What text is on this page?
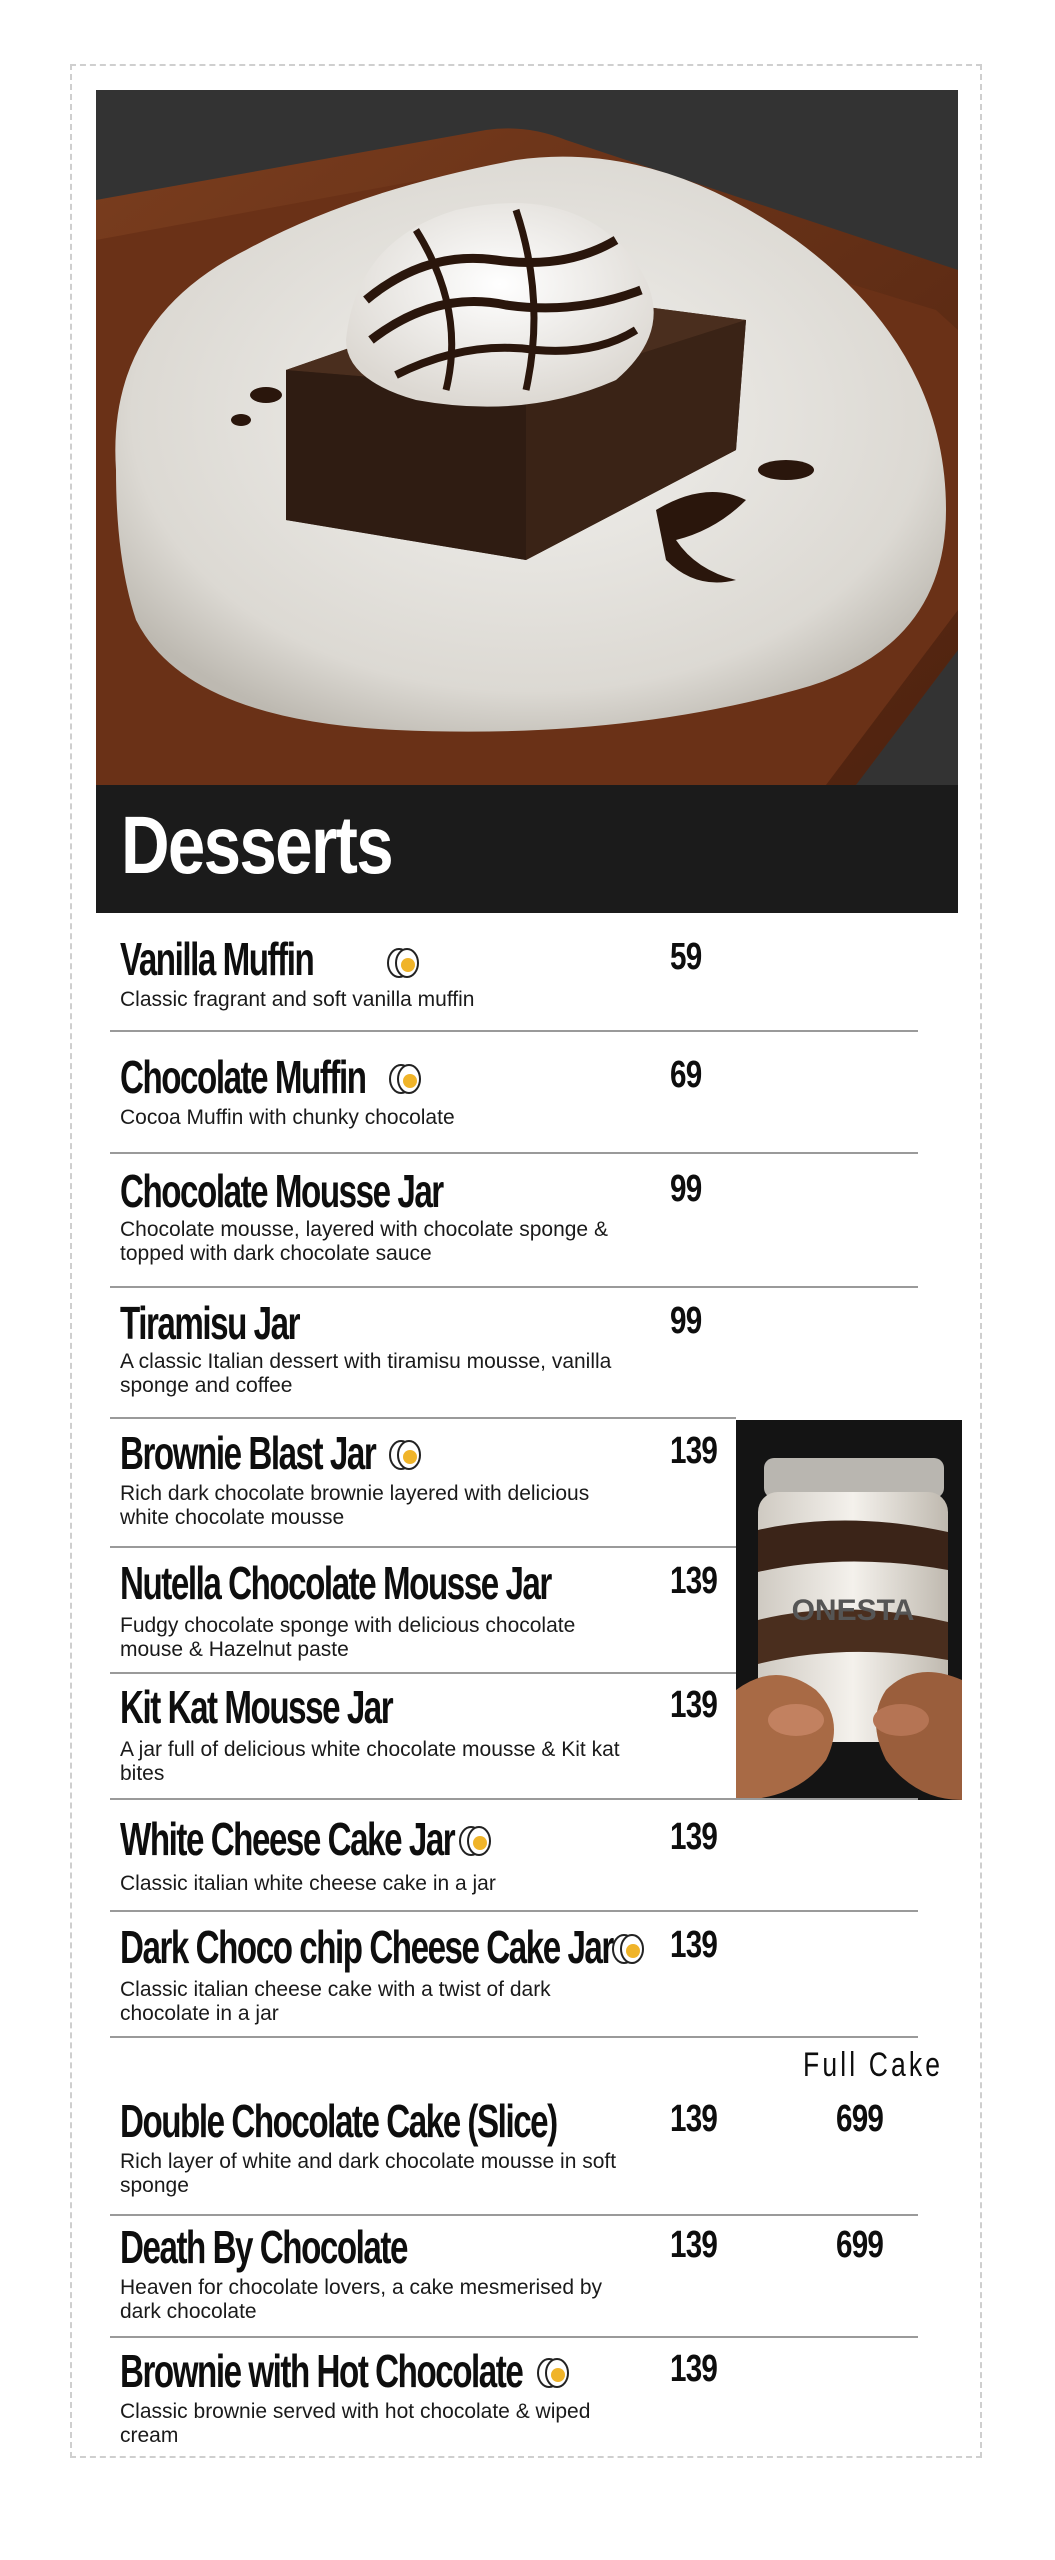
Desserts
ONESTA
Vanilla Muffin
Classic fragrant and soft vanilla muffin
59
Chocolate Muffin
Cocoa Muffin with chunky chocolate
69
Chocolate Mousse Jar
Chocolate mousse, layered with chocolate sponge & topped with dark chocolate sauce
99
Tiramisu Jar
A classic Italian dessert with tiramisu mousse, vanilla sponge and coffee
99
Brownie Blast Jar
Rich dark chocolate brownie layered with delicious white chocolate mousse
139
Nutella Chocolate Mousse Jar
Fudgy chocolate sponge with delicious chocolate mouse & Hazelnut paste
139
Kit Kat Mousse Jar
A jar full of delicious white chocolate mousse & Kit kat bites
139
White Cheese Cake Jar
Classic italian white cheese cake in a jar
139
Dark Choco chip Cheese Cake Jar
Classic italian cheese cake with a twist of dark chocolate in a jar
139
Full Cake
Double Chocolate Cake (Slice)
Rich layer of white and dark chocolate mousse in soft sponge
139	699
Death By Chocolate
Heaven for chocolate lovers, a cake mesmerised by dark chocolate
139	699
Brownie with Hot Chocolate
Classic brownie served with hot chocolate & wiped cream
139
